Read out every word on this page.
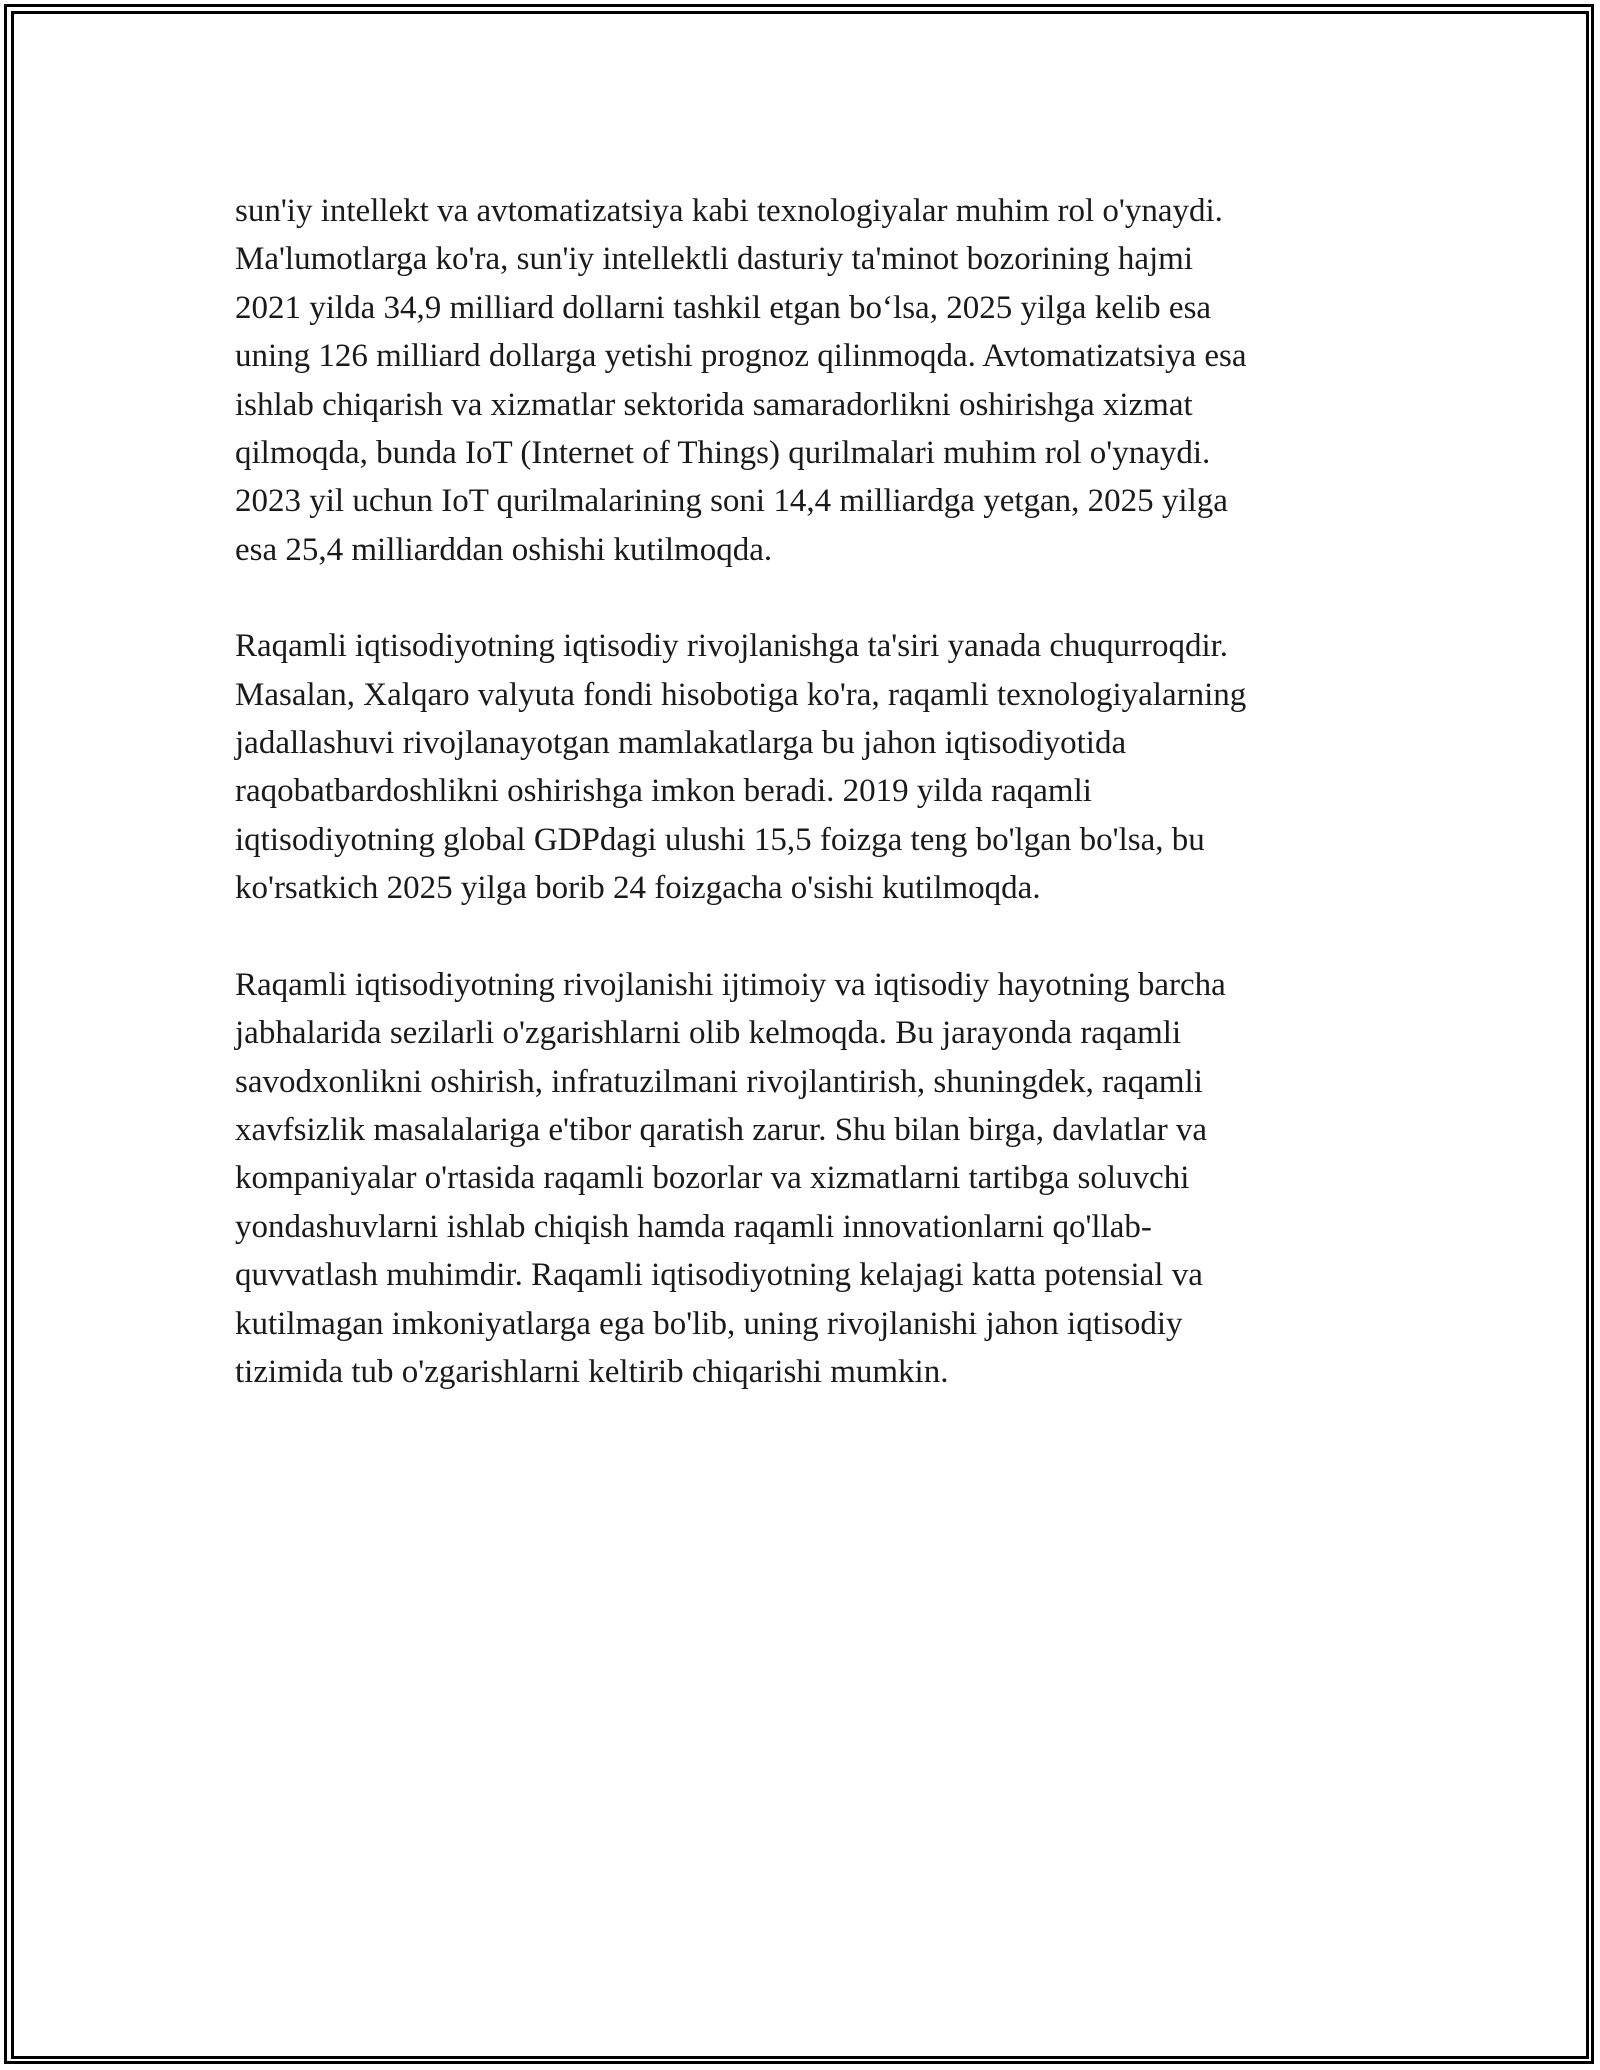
sun'iy intellekt va avtomatizatsiya kabi texnologiyalar muhim rol o'ynaydi.
Ma'lumotlarga ko'ra, sun'iy intellektli dasturiy ta'minot bozorining hajmi
2021 yilda 34,9 milliard dollarni tashkil etgan bo‘lsa, 2025 yilga kelib esa
uning 126 milliard dollarga yetishi prognoz qilinmoqda. Avtomatizatsiya esa
ishlab chiqarish va xizmatlar sektorida samaradorlikni oshirishga xizmat
qilmoqda, bunda IoT (Internet of Things) qurilmalari muhim rol o'ynaydi.
2023 yil uchun IoT qurilmalarining soni 14,4 milliardga yetgan, 2025 yilga
esa 25,4 milliarddan oshishi kutilmoqda.

Raqamli iqtisodiyotning iqtisodiy rivojlanishga ta'siri yanada chuqurroqdir.
Masalan, Xalqaro valyuta fondi hisobotiga ko'ra, raqamli texnologiyalarning
jadallashuvi rivojlanayotgan mamlakatlarga bu jahon iqtisodiyotida
raqobatbardoshlikni oshirishga imkon beradi. 2019 yilda raqamli
iqtisodiyotning global GDPdagi ulushi 15,5 foizga teng bo'lgan bo'lsa, bu
ko'rsatkich 2025 yilga borib 24 foizgacha o'sishi kutilmoqda.

Raqamli iqtisodiyotning rivojlanishi ijtimoiy va iqtisodiy hayotning barcha
jabhalarida sezilarli o'zgarishlarni olib kelmoqda. Bu jarayonda raqamli
savodxonlikni oshirish, infratuzilmani rivojlantirish, shuningdek, raqamli
xavfsizlik masalalariga e'tibor qaratish zarur. Shu bilan birga, davlatlar va
kompaniyalar o'rtasida raqamli bozorlar va xizmatlarni tartibga soluvchi
yondashuvlarni ishlab chiqish hamda raqamli innovationlarni qo'llab-
quvvatlash muhimdir. Raqamli iqtisodiyotning kelajagi katta potensial va
kutilmagan imkoniyatlarga ega bo'lib, uning rivojlanishi jahon iqtisodiy
tizimida tub o'zgarishlarni keltirib chiqarishi mumkin.
